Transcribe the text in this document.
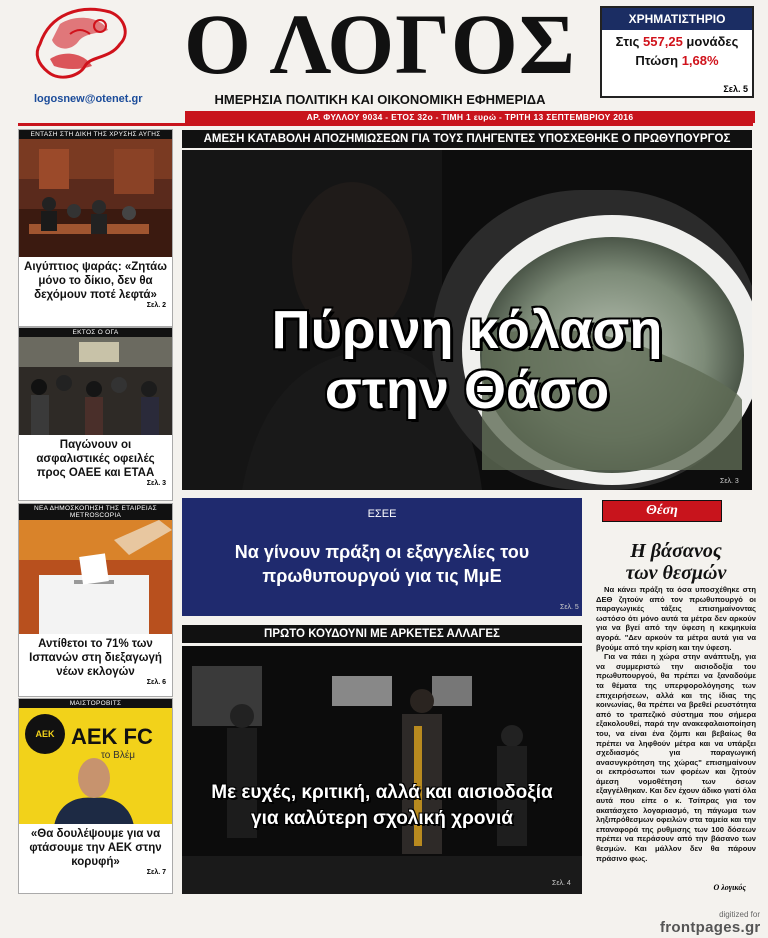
logosnew@otenet.gr
Ο ΛΟΓΟΣ
ΗΜΕΡΗΣΙΑ ΠΟΛΙΤΙΚΗ ΚΑΙ ΟΙΚΟΝΟΜΙΚΗ ΕΦΗΜΕΡΙΔΑ
ΧΡΗΜΑΤΙΣΤΗΡΙΟ
Στις 557,25 μονάδες
Πτώση 1,68%
Σελ. 5
ΑΡ. ΦΥΛΛΟΥ 9034 - ΕΤΟΣ 32ο - ΤΙΜΗ 1 ευρώ - ΤΡΙΤΗ 13 ΣΕΠΤΕΜΒΡΙΟΥ 2016
ΕΝΤΑΣΗ ΣΤΗ ΔΙΚΗ ΤΗΣ ΧΡΥΣΗΣ ΑΥΓΗΣ
Αιγύπτιος ψαράς: «Ζητάω μόνο το δίκιο, δεν θα δεχόμουν ποτέ λεφτά»
Σελ. 2
ΕΚΤΟΣ Ο ΟΓΑ
Παγώνουν οι ασφαλιστικές οφειλές προς ΟΑΕΕ και ΕΤΑΑ
Σελ. 3
ΝΕΑ ΔΗΜΟΣΚΟΠΗΣΗ ΤΗΣ ΕΤΑΙΡΕΙΑΣ METROSCOPIA
Αντίθετοι το 71% των Ισπανών στη διεξαγωγή νέων εκλογών
Σελ. 6
ΜΑΙΣΤΟΡΟΒΙΤΣ
ΑΕΚ ΑΕΚ FC
το Βλέμ
«Θα δουλέψουμε για να φτάσουμε την ΑΕΚ στην κορυφή»
Σελ. 7
ΑΜΕΣΗ ΚΑΤΑΒΟΛΗ ΑΠΟΖΗΜΙΩΣΕΩΝ ΓΙΑ ΤΟΥΣ ΠΛΗΓΕΝΤΕΣ ΥΠΟΣΧΕΘΗΚΕ Ο ΠΡΩΘΥΠΟΥΡΓΟΣ
Πύρινη κόλαση
στην Θάσο
Σελ. 3
ΕΣΕΕ
Να γίνουν πράξη οι εξαγγελίες του
πρωθυπουργού για τις ΜμΕ
Σελ. 5
ΠΡΩΤΟ ΚΟΥΔΟΥΝΙ ΜΕ ΑΡΚΕΤΕΣ ΑΛΛΑΓΕΣ
Με ευχές, κριτική, αλλά και αισιοδοξία
για καλύτερη σχολική χρονιά
Σελ. 4
Θέση
Η βάσανος
των θεσμών

Να κάνει πράξη τα όσα υποσχέθηκε στη ΔΕΘ ζητούν από τον πρωθυπουργό οι παραγωγικές τάξεις επισημαίνοντας ωστόσο ότι μόνο αυτά τα μέτρα δεν αρκούν για να βγεί από την ύφεση η κεκμηκυία αγορά. "Δεν αρκούν τα μέτρα αυτά για να βγούμε από την κρίση και την ύφεση.

Για να πάει η χώρα στην ανάπτυξη, για να συμμεριστώ την αισιοδοξία του πρωθυπουργού, θα πρέπει να ξαναδούμε τα θέματα της υπερφορολόγησης των επιχειρήσεων, αλλά και της ίδιας της κοινωνίας, θα πρέπει να βρεθεί ρευστότητα από το τραπεζικό σύστημα που σήμερα εξακολουθεί, παρά την ανακεφαλαιοποίηση του, να είναι ένα ζόμπι και βεβαίως θα πρέπει να ληφθούν μέτρα και να υπάρξει σχεδιασμός για παραγωγική ανασυγκρότηση της χώρας" επισημαίνουν οι εκπρόσωποι των φορέων και ζητούν άμεση νομοθέτηση των όσων εξαγγέλθηκαν. Και δεν έχουν άδικο γιατί όλα αυτά που είπε ο κ. Τσίπρας για τον ακατάσχετο λογαριασμό, τη πάγωμα των ληξιπρόθεσμων οφειλών στα ταμεία και την επαναφορά της ρυθμισης των 100 δόσεων πρέπει να περάσουν από την βάσανο των θεσμών. Και μάλλον δεν θα πάρουν πράσινο φως.

Ο λογικός
digitized for
frontpages.gr
